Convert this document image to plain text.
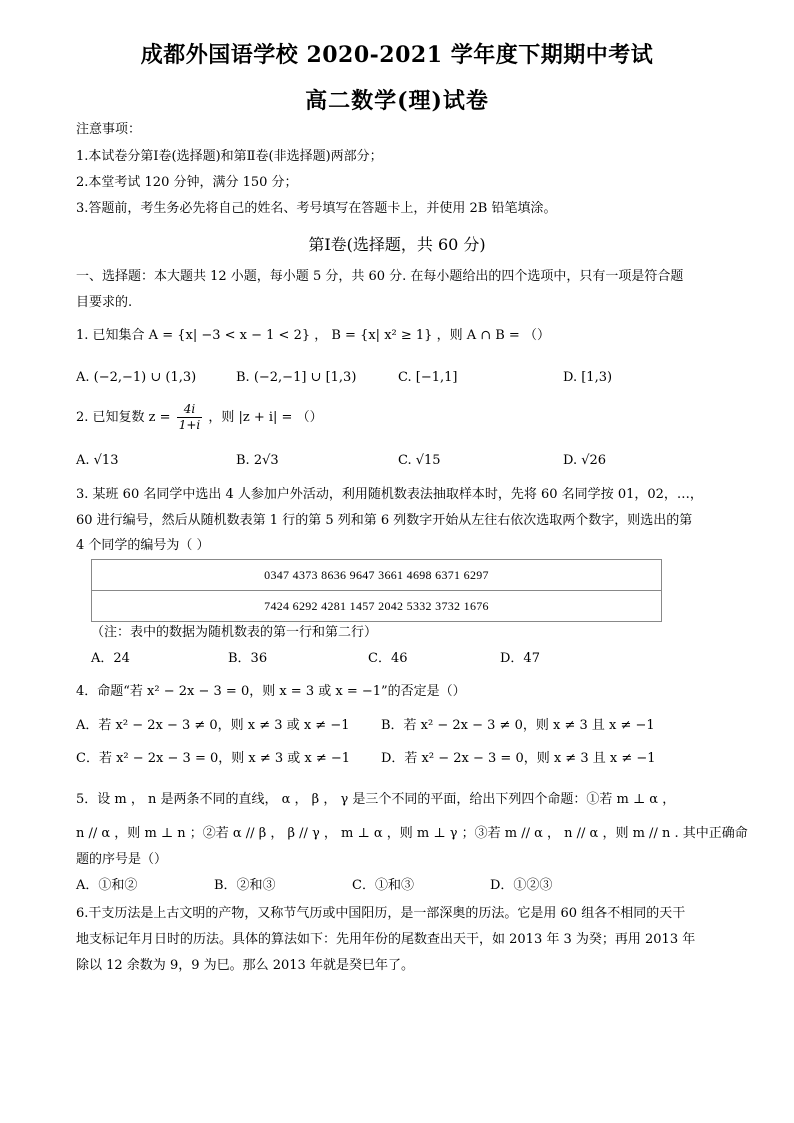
成都外国语学校 2020-2021 学年度下期期中考试
高二数学(理)试卷
注意事项：
1.本试卷分第Ⅰ卷(选择题)和第Ⅱ卷(非选择题)两部分；
2.本堂考试 120 分钟，满分 150 分；
3.答题前，考生务必先将自己的姓名、考号填写在答题卡上，并使用 2B 铅笔填涂。
第Ⅰ卷(选择题，共 60 分)
一、选择题：本大题共 12 小题，每小题 5 分，共 60 分. 在每小题给出的四个选项中，只有一项是符合题
目要求的.
1. 已知集合 A = {x| −3 < x − 1 < 2} ， B = {x| x² ≥ 1} ，则 A ∩ B = （）
A. (−2,−1) ∪ (1,3)	B. (−2,−1] ∪ [1,3)	C. [−1,1]	D. [1,3)
2. 已知复数 $z = \frac{4i}{1+i}$ ，则 |z + i| = （）
A. √13	B. 2√3	C. √15	D. √26
3. 某班 60 名同学中选出 4 人参加户外活动，利用随机数表法抽取样本时，先将 60 名同学按 01，02，…，
60 进行编号，然后从随机数表第 1 行的第 5 列和第 6 列数字开始从左往右依次选取两个数字，则选出的第
4 个同学的编号为（ ）
0347 4373 8636 9647 3661 4698 6371 6297
7424 6292 4281 1457 2042 5332 3732 1676
（注：表中的数据为随机数表的第一行和第二行）
A．24	B．36	C．46	D．47
4．命题“若 x² − 2x − 3 = 0，则 x = 3 或 x = −1”的否定是（）
A．若 x² − 2x − 3 ≠ 0，则 x ≠ 3 或 x ≠ −1 B．若 x² − 2x − 3 ≠ 0，则 x ≠ 3 且 x ≠ −1
C．若 x² − 2x − 3 = 0，则 x ≠ 3 或 x ≠ −1 D．若 x² − 2x − 3 = 0，则 x ≠ 3 且 x ≠ −1
5．设 m ， n 是两条不同的直线， α ， β ， γ 是三个不同的平面，给出下列四个命题：①若 m ⊥ α ，
n // α ，则 m ⊥ n ；②若 α // β ， β // γ ， m ⊥ α ，则 m ⊥ γ ；③若 m // α ， n // α ，则 m // n . 其中正确命
题的序号是（）
A．①和②	B．②和③	C．①和③	D．①②③
6.干支历法是上古文明的产物，又称节气历或中国阳历，是一部深奥的历法。它是用 60 组各不相同的天干
地支标记年月日时的历法。具体的算法如下：先用年份的尾数查出天干，如 2013 年 3 为癸；再用 2013 年
除以 12 余数为 9，9 为巳。那么 2013 年就是癸巳年了。
